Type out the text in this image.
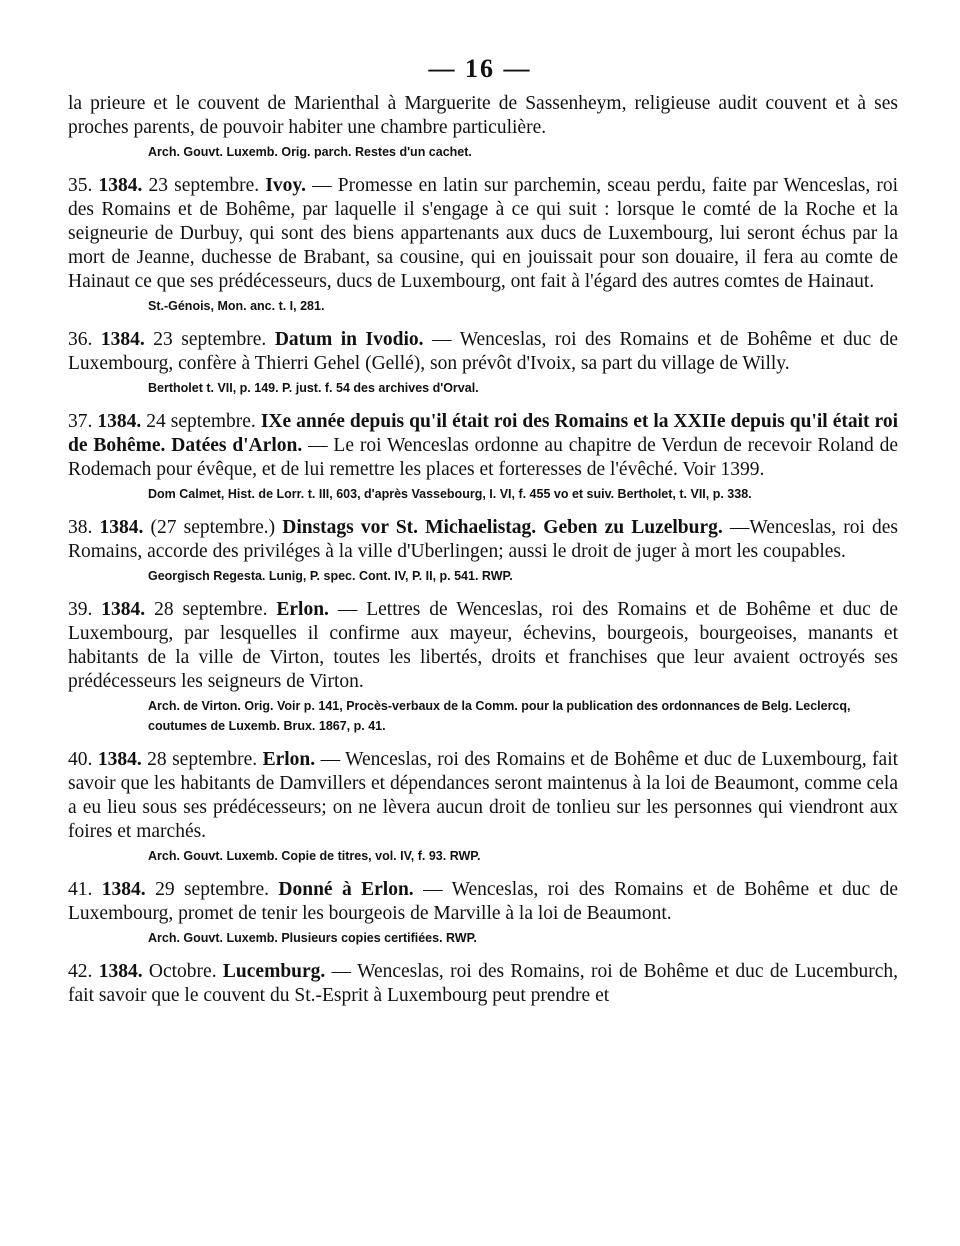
— 16 —

la prieure et le couvent de Marienthal à Marguerite de Sassenheym, religieuse audit couvent et à ses proches parents, de pouvoir habiter une chambre particulière.

Arch. Gouvt. Luxemb. Orig. parch. Restes d'un cachet.

35. 1384. 23 septembre. Ivoy. — Promesse en latin sur parchemin, sceau perdu, faite par Wenceslas, roi des Romains et de Bohême, par laquelle il s'engage à ce qui suit : lorsque le comté de la Roche et la seigneurie de Durbuy, qui sont des biens appartenants aux ducs de Luxembourg, lui seront échus par la mort de Jeanne, duchesse de Brabant, sa cousine, qui en jouissait pour son douaire, il fera au comte de Hainaut ce que ses prédécesseurs, ducs de Luxembourg, ont fait à l'égard des autres comtes de Hainaut.

St.-Génois, Mon. anc. t. I, 281.

36. 1384. 23 septembre. Datum in Ivodio. — Wenceslas, roi des Romains et de Bohême et duc de Luxembourg, confère à Thierri Gehel (Gellé), son prévôt d'Ivoix, sa part du village de Willy.

Bertholet t. VII, p. 149. P. just. f. 54 des archives d'Orval.

37. 1384. 24 septembre. IXe année depuis qu'il était roi des Romains et la XXIIe depuis qu'il était roi de Bohême. Datées d'Arlon. — Le roi Wenceslas ordonne au chapitre de Verdun de recevoir Roland de Rodemach pour évêque, et de lui remettre les places et forteresses de l'évêché. Voir 1399.

Dom Calmet, Hist. de Lorr. t. III, 603, d'après Vassebourg, I. VI, f. 455 vo et suiv. Bertholet, t. VII, p. 338.

38. 1384. (27 septembre.) Dinstags vor St. Michaelistag. Geben zu Luzelburg. —Wenceslas, roi des Romains, accorde des priviléges à la ville d'Uberlingen; aussi le droit de juger à mort les coupables.

Georgisch Regesta. Lunig, P. spec. Cont. IV, P. II, p. 541. RWP.

39. 1384. 28 septembre. Erlon. — Lettres de Wenceslas, roi des Romains et de Bohême et duc de Luxembourg, par lesquelles il confirme aux mayeur, échevins, bourgeois, bourgeoises, manants et habitants de la ville de Virton, toutes les libertés, droits et franchises que leur avaient octroyés ses prédécesseurs les seigneurs de Virton.

Arch. de Virton. Orig. Voir p. 141, Procès-verbaux de la Comm. pour la publication des ordonnances de Belg. Leclercq, coutumes de Luxemb. Brux. 1867, p. 41.

40. 1384. 28 septembre. Erlon. — Wenceslas, roi des Romains et de Bohême et duc de Luxembourg, fait savoir que les habitants de Damvillers et dépendances seront maintenus à la loi de Beaumont, comme cela a eu lieu sous ses prédécesseurs; on ne lèvera aucun droit de tonlieu sur les personnes qui viendront aux foires et marchés.

Arch. Gouvt. Luxemb. Copie de titres, vol. IV, f. 93. RWP.

41. 1384. 29 septembre. Donné à Erlon. — Wenceslas, roi des Romains et de Bohême et duc de Luxembourg, promet de tenir les bourgeois de Marville à la loi de Beaumont.

Arch. Gouvt. Luxemb. Plusieurs copies certifiées. RWP.

42. 1384. Octobre. Lucemburg. — Wenceslas, roi des Romains, roi de Bohême et duc de Lucemburch, fait savoir que le couvent du St.-Esprit à Luxembourg peut prendre et
